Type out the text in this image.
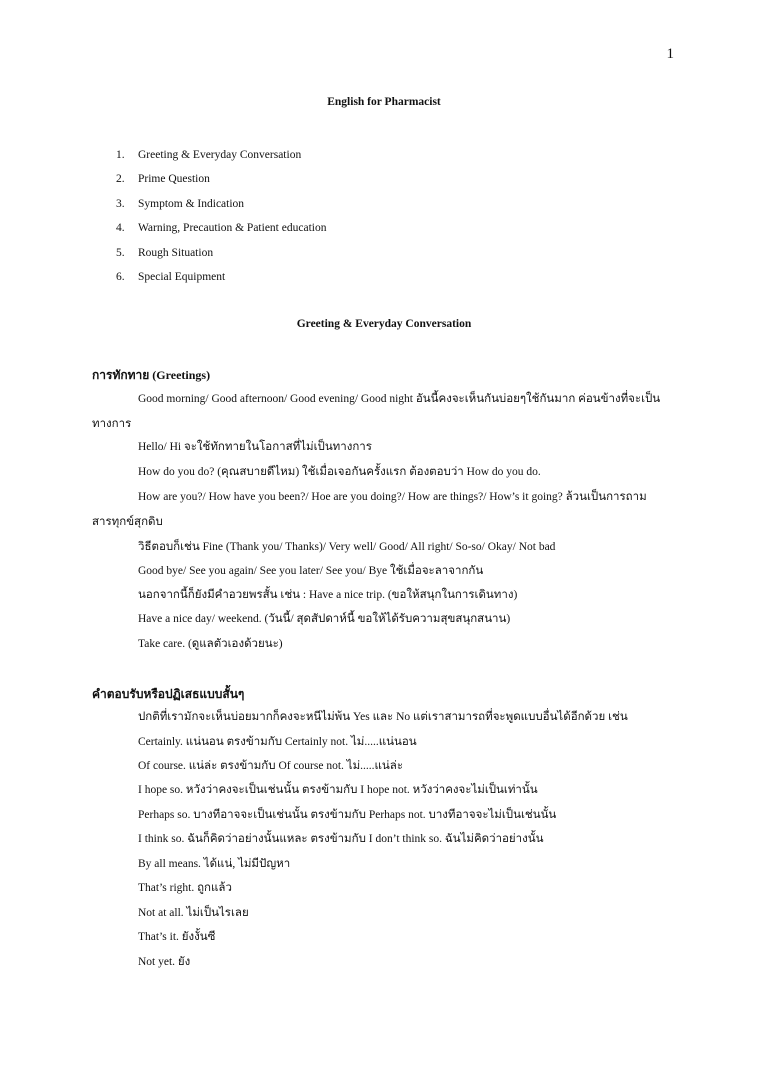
1
English for Pharmacist
1.	Greeting & Everyday Conversation
2.	Prime Question
3.	Symptom & Indication
4.	Warning, Precaution & Patient education
5.	Rough Situation
6.	Special Equipment
Greeting & Everyday Conversation
การทักทาย (Greetings)
Good morning/ Good afternoon/ Good evening/ Good night อันนี้คงจะเห็นกันบ่อยๆใช้กันมาก ค่อนข้างที่จะเป็น
ทางการ
Hello/ Hi จะใช้ทักทายในโอกาสที่ไม่เป็นทางการ
How do you do? (คุณสบายดีไหม) ใช้เมื่อเจอกันครั้งแรก ต้องตอบว่า How do you do.
How are you?/ How have you been?/ Hoe are you doing?/ How are things?/ How’s it going? ล้วนเป็นการถาม
สารทุกข์สุกดิบ
วิธีตอบก็เช่น Fine (Thank you/ Thanks)/ Very well/ Good/ All right/ So-so/ Okay/ Not bad
Good bye/ See you again/ See you later/ See you/ Bye ใช้เมื่อจะลาจากกัน
นอกจากนี้ก็ยังมีคำอวยพรสั้น เช่น : Have a nice trip. (ขอให้สนุกในการเดินทาง)
Have a nice day/ weekend. (วันนี้/ สุดสัปดาห์นี้ ขอให้ได้รับความสุขสนุกสนาน)
Take care. (ดูแลตัวเองด้วยนะ)
คำตอบรับหรือปฏิเสธแบบสั้นๆ
ปกติที่เรามักจะเห็นบ่อยมากก็คงจะหนีไม่พ้น Yes และ No แต่เราสามารถที่จะพูดแบบอื่นได้อีกด้วย เช่น
Certainly. แน่นอน ตรงข้ามกับ Certainly not. ไม่.....แน่นอน
Of course. แน่ล่ะ ตรงข้ามกับ Of course not. ไม่.....แน่ล่ะ
I hope so. หวังว่าคงจะเป็นเช่นนั้น ตรงข้ามกับ I hope not. หวังว่าคงจะไม่เป็นเท่านั้น
Perhaps so. บางทีอาจจะเป็นเช่นนั้น ตรงข้ามกับ Perhaps not. บางทีอาจจะไม่เป็นเช่นนั้น
I think so. ฉันก็คิดว่าอย่างนั้นแหละ ตรงข้ามกับ I don’t think so. ฉันไม่คิดว่าอย่างนั้น
By all means. ได้แน่, ไม่มีปัญหา
That’s right. ถูกแล้ว
Not at all. ไม่เป็นไรเลย
That’s it. ยังงั้นซี
Not yet. ยัง
